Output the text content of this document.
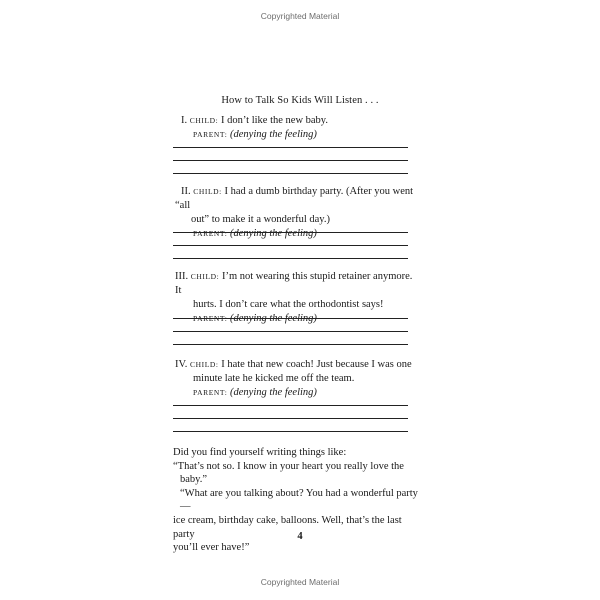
Copyrighted Material
How to Talk So Kids Will Listen . . .
I. CHILD: I don’t like the new baby.
PARENT: (denying the feeling)
II. CHILD: I had a dumb birthday party. (After you went “all
out” to make it a wonderful day.)
PARENT: (denying the feeling)
III. CHILD: I’m not wearing this stupid retainer anymore. It
hurts. I don’t care what the orthodontist says!
PARENT: (denying the feeling)
IV. CHILD: I hate that new coach! Just because I was one
minute late he kicked me off the team.
PARENT: (denying the feeling)
Did you find yourself writing things like:
“That’s not so. I know in your heart you really love the
baby.”
“What are you talking about? You had a wonderful party—
ice cream, birthday cake, balloons. Well, that’s the last party
you’ll ever have!”
4
Copyrighted Material
